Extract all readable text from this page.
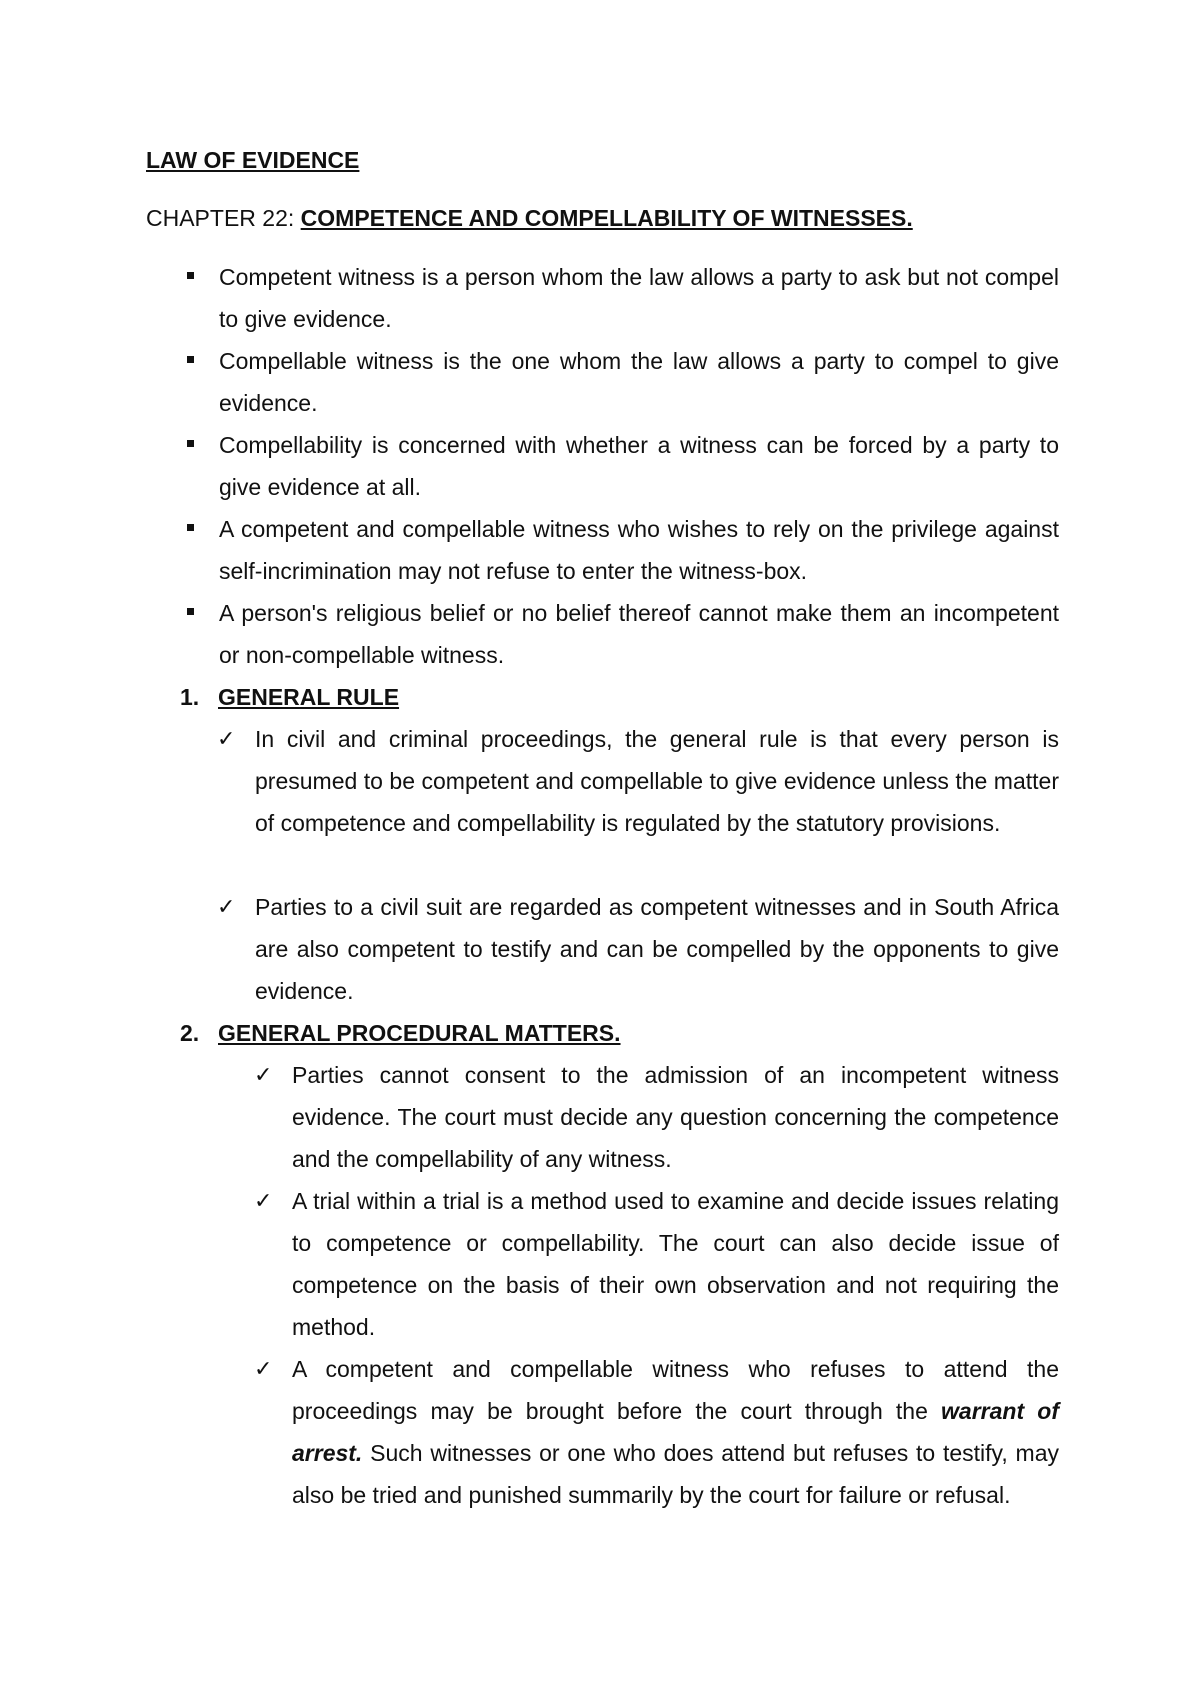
LAW OF EVIDENCE

CHAPTER 22: COMPETENCE AND COMPELLABILITY OF WITNESSES.

Competent witness is a person whom the law allows a party to ask but not compel to give evidence.
Compellable witness is the one whom the law allows a party to compel to give evidence.
Compellability is concerned with whether a witness can be forced by a party to give evidence at all.
A competent and compellable witness who wishes to rely on the privilege against self-incrimination may not refuse to enter the witness-box.
A person's religious belief or no belief thereof cannot make them an incompetent or non-compellable witness.
1. GENERAL RULE
✓ In civil and criminal proceedings, the general rule is that every person is presumed to be competent and compellable to give evidence unless the matter of competence and compellability is regulated by the statutory provisions.
✓ Parties to a civil suit are regarded as competent witnesses and in South Africa are also competent to testify and can be compelled by the opponents to give evidence.
2. GENERAL PROCEDURAL MATTERS.
✓ Parties cannot consent to the admission of an incompetent witness evidence. The court must decide any question concerning the competence and the compellability of any witness.
✓ A trial within a trial is a method used to examine and decide issues relating to competence or compellability. The court can also decide issue of competence on the basis of their own observation and not requiring the method.
✓ A competent and compellable witness who refuses to attend the proceedings may be brought before the court through the warrant of arrest. Such witnesses or one who does attend but refuses to testify, may also be tried and punished summarily by the court for failure or refusal.
